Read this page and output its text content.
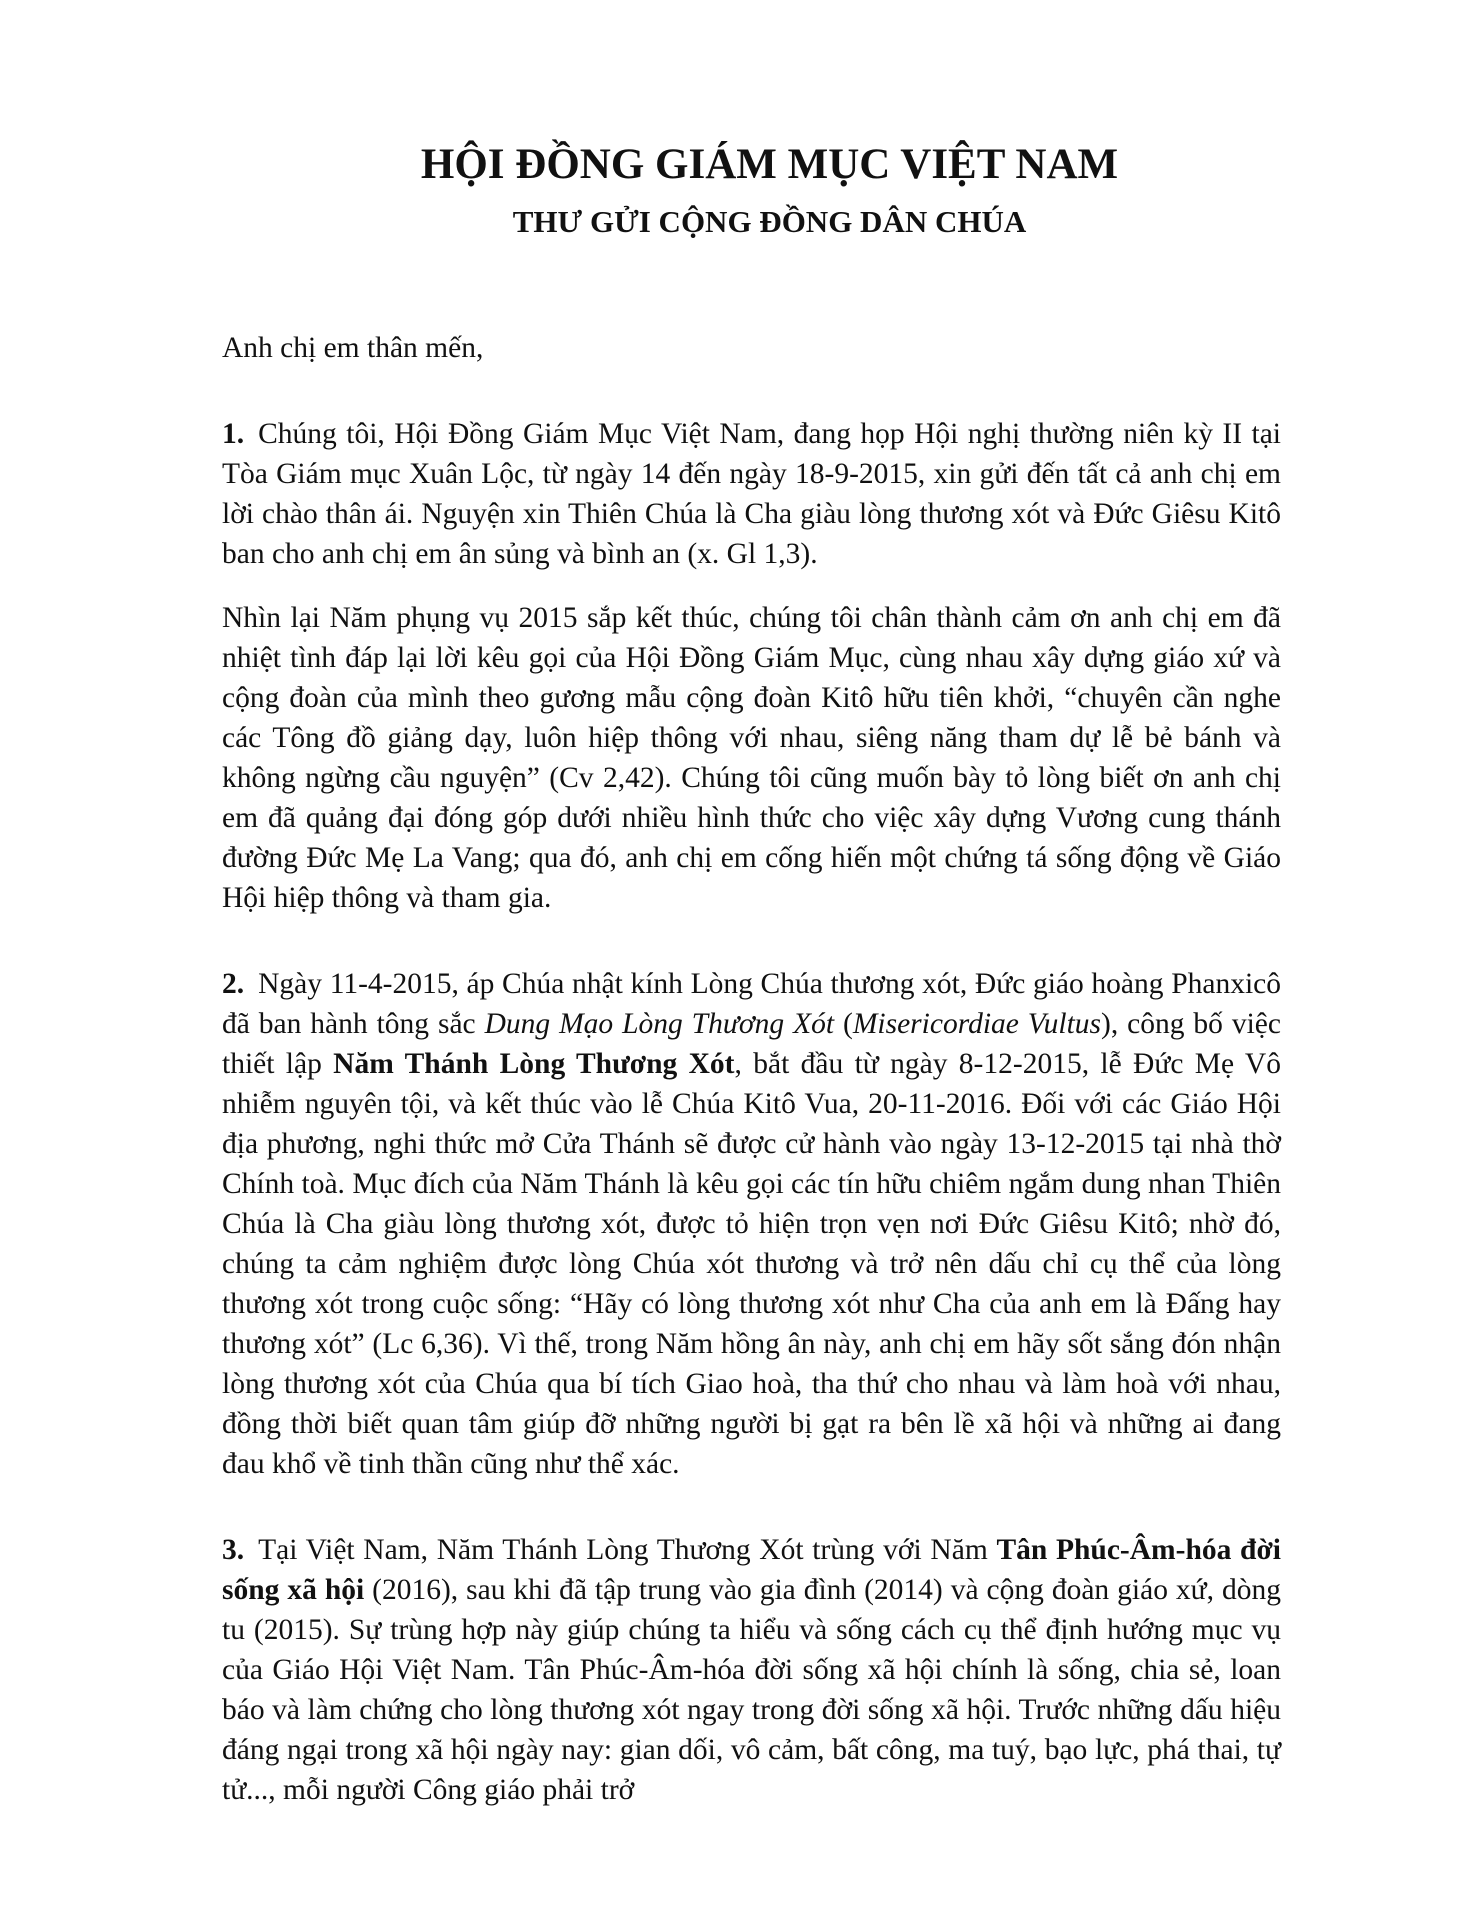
HỘI ĐỒNG GIÁM MỤC VIỆT NAM
THƯ GỬI CỘNG ĐỒNG DÂN CHÚA

Anh chị em thân mến,

1. Chúng tôi, Hội Đồng Giám Mục Việt Nam, đang họp Hội nghị thường niên kỳ II tại Tòa Giám mục Xuân Lộc, từ ngày 14 đến ngày 18-9-2015, xin gửi đến tất cả anh chị em lời chào thân ái. Nguyện xin Thiên Chúa là Cha giàu lòng thương xót và Đức Giêsu Kitô ban cho anh chị em ân sủng và bình an (x. Gl 1,3).

Nhìn lại Năm phụng vụ 2015 sắp kết thúc, chúng tôi chân thành cảm ơn anh chị em đã nhiệt tình đáp lại lời kêu gọi của Hội Đồng Giám Mục, cùng nhau xây dựng giáo xứ và cộng đoàn của mình theo gương mẫu cộng đoàn Kitô hữu tiên khởi, “chuyên cần nghe các Tông đồ giảng dạy, luôn hiệp thông với nhau, siêng năng tham dự lễ bẻ bánh và không ngừng cầu nguyện” (Cv 2,42). Chúng tôi cũng muốn bày tỏ lòng biết ơn anh chị em đã quảng đại đóng góp dưới nhiều hình thức cho việc xây dựng Vương cung thánh đường Đức Mẹ La Vang; qua đó, anh chị em cống hiến một chứng tá sống động về Giáo Hội hiệp thông và tham gia.

2. Ngày 11-4-2015, áp Chúa nhật kính Lòng Chúa thương xót, Đức giáo hoàng Phanxicô đã ban hành tông sắc Dung Mạo Lòng Thương Xót (Misericordiae Vultus), công bố việc thiết lập Năm Thánh Lòng Thương Xót, bắt đầu từ ngày 8-12-2015, lễ Đức Mẹ Vô nhiễm nguyên tội, và kết thúc vào lễ Chúa Kitô Vua, 20-11-2016. Đối với các Giáo Hội địa phương, nghi thức mở Cửa Thánh sẽ được cử hành vào ngày 13-12-2015 tại nhà thờ Chính toà. Mục đích của Năm Thánh là kêu gọi các tín hữu chiêm ngắm dung nhan Thiên Chúa là Cha giàu lòng thương xót, được tỏ hiện trọn vẹn nơi Đức Giêsu Kitô; nhờ đó, chúng ta cảm nghiệm được lòng Chúa xót thương và trở nên dấu chỉ cụ thể của lòng thương xót trong cuộc sống: “Hãy có lòng thương xót như Cha của anh em là Đấng hay thương xót” (Lc 6,36). Vì thế, trong Năm hồng ân này, anh chị em hãy sốt sắng đón nhận lòng thương xót của Chúa qua bí tích Giao hoà, tha thứ cho nhau và làm hoà với nhau, đồng thời biết quan tâm giúp đỡ những người bị gạt ra bên lề xã hội và những ai đang đau khổ về tinh thần cũng như thể xác.

3. Tại Việt Nam, Năm Thánh Lòng Thương Xót trùng với Năm Tân Phúc-Âm-hóa đời sống xã hội (2016), sau khi đã tập trung vào gia đình (2014) và cộng đoàn giáo xứ, dòng tu (2015). Sự trùng hợp này giúp chúng ta hiểu và sống cách cụ thể định hướng mục vụ của Giáo Hội Việt Nam. Tân Phúc-Âm-hóa đời sống xã hội chính là sống, chia sẻ, loan báo và làm chứng cho lòng thương xót ngay trong đời sống xã hội. Trước những dấu hiệu đáng ngại trong xã hội ngày nay: gian dối, vô cảm, bất công, ma tuý, bạo lực, phá thai, tự tử..., mỗi người Công giáo phải trở
